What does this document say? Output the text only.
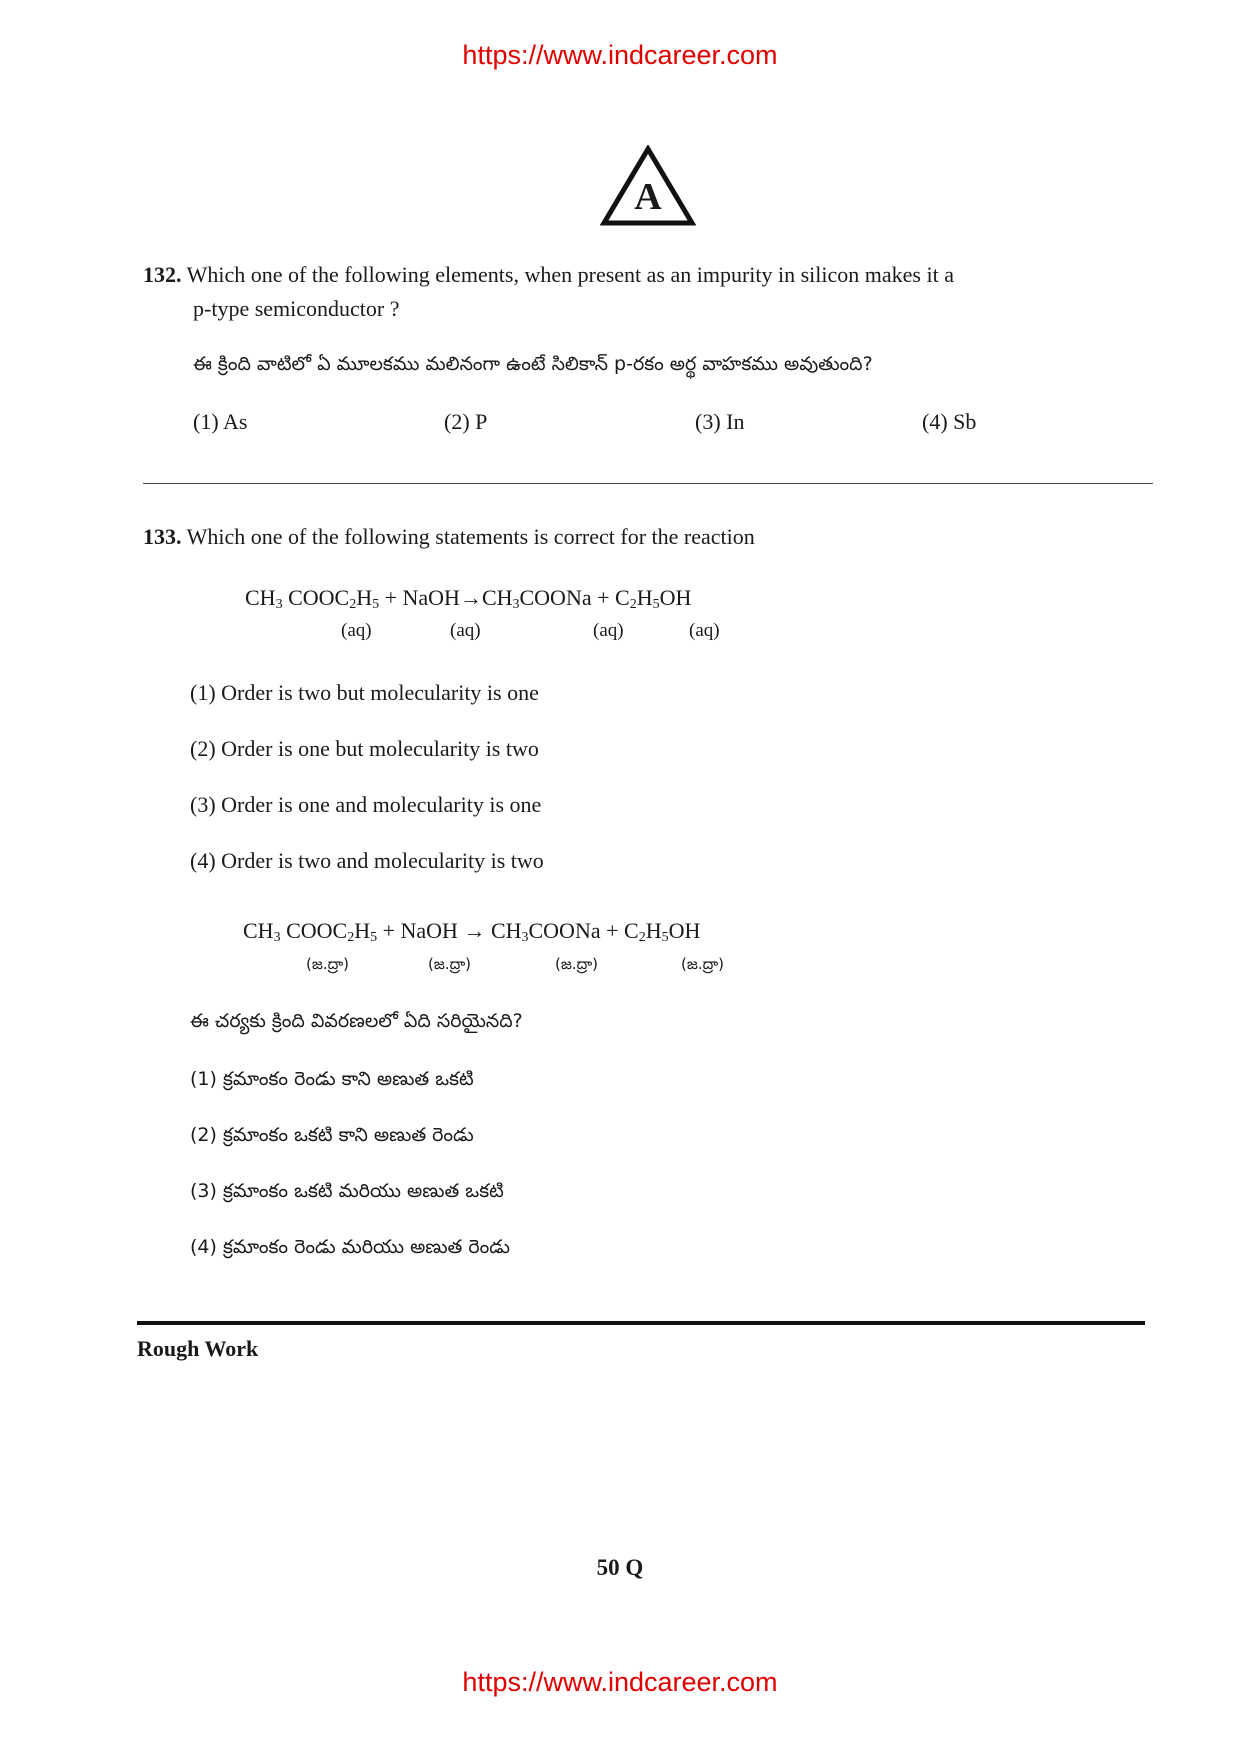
https://www.indcareer.com
A
132. Which one of the following elements, when present as an impurity in silicon makes it a
p-type semiconductor ?
ఈ క్రింది వాటిలో ఏ మూలకము మలినంగా ఉంటే సిలికాన్ p-రకం అర్థ వాహకము అవుతుంది?
(1) As	(2) P	(3) In	(4) Sb
133. Which one of the following statements is correct for the reaction
$CH_3$ $COOC_2H_5$ + $NaOH\to CH_3COONa + C_2H_5OH$
(aq)	(aq)	(aq)	(aq)
(1) Order is two but molecularity is one
(2) Order is one but molecularity is two
(3) Order is one and molecularity is one
(4) Order is two and molecularity is two
$CH_3$ $COOC_2H_5$ + NaOH → $CH_3COONa + C_2H_5OH$
(జ.ద్రా)	(జ.ద్రా)	(జ.ద్రా)	(జ.ద్రా)
ఈ చర్యకు క్రింది వివరణలలో ఏది సరియైనది?
(1) క్రమాంకం రెండు కాని అణుత ఒకటి
(2) క్రమాంకం ఒకటి కాని అణుత రెండు
(3) క్రమాంకం ఒకటి మరియు అణుత ఒకటి
(4) క్రమాంకం రెండు మరియు అణుత రెండు
Rough Work
50 Q
https://www.indcareer.com
